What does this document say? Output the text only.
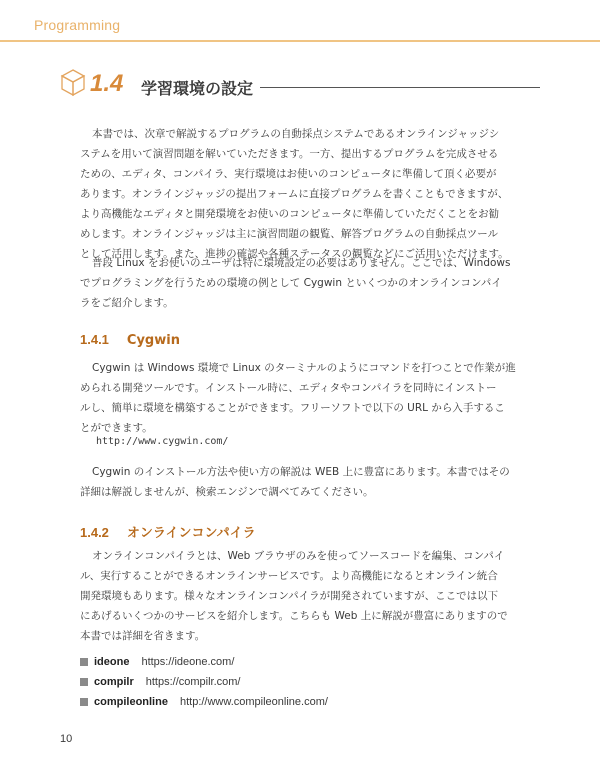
Programming
1.4 学習環境の設定
本書では、次章で解説するプログラムの自動採点システムであるオンラインジャッジシ
ステムを用いて演習問題を解いていただきます。一方、提出するプログラムを完成させる
ための、エディタ、コンパイラ、実行環境はお使いのコンピュータに準備して頂く必要が
あります。オンラインジャッジの提出フォームに直接プログラムを書くこともできますが、
より高機能なエディタと開発環境をお使いのコンピュータに準備していただくことをお勧
めします。オンラインジャッジは主に演習問題の観覧、解答プログラムの自動採点ツール
として活用します。また、進捗の確認や各種ステータスの観覧などにご活用いただけます。
普段 Linux をお使いのユーザは特に環境設定の必要はありません。ここでは、Windows
でプログラミングを行うための環境の例として Cygwin といくつかのオンラインコンパイ
ラをご紹介します。
1.4.1 Cygwin
Cygwin は Windows 環境で Linux のターミナルのようにコマンドを打つことで作業が進
められる開発ツールです。インストール時に、エディタやコンパイラを同時にインストー
ルし、簡単に環境を構築することができます。フリーソフトで以下の URL から入手するこ
とができます。
http://www.cygwin.com/
Cygwin のインストール方法や使い方の解説は WEB 上に豊富にあります。本書ではその
詳細は解説しませんが、検索エンジンで調べてみてください。
1.4.2 オンラインコンパイラ
オンラインコンパイラとは、Web ブラウザのみを使ってソースコードを編集、コンパイ
ル、実行することができるオンラインサービスです。より高機能になるとオンライン統合
開発環境もあります。様々なオンラインコンパイラが開発されていますが、ここでは以下
にあげるいくつかのサービスを紹介します。こちらも Web 上に解説が豊富にありますので
本書では詳細を省きます。
ideone https://ideone.com/
compilr https://compilr.com/
compileonline http://www.compileonline.com/
10
